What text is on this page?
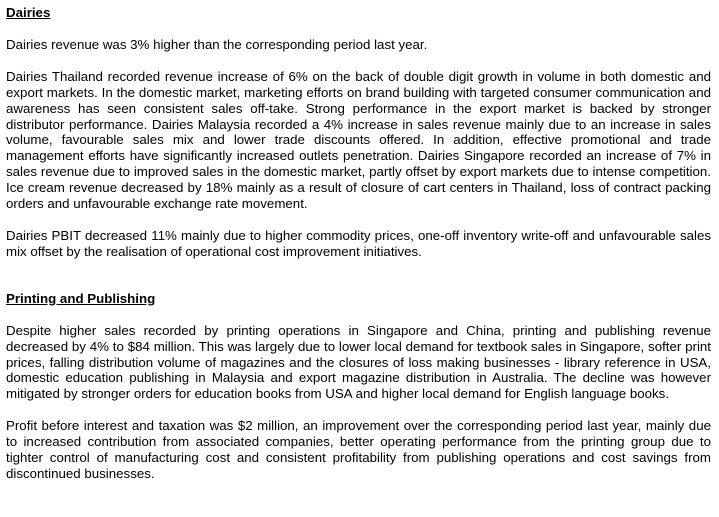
Dairies

Dairies revenue was 3% higher than the corresponding period last year.

Dairies Thailand recorded revenue increase of 6% on the back of double digit growth in volume in both domestic and export markets. In the domestic market, marketing efforts on brand building with targeted consumer communication and awareness has seen consistent sales off-take. Strong performance in the export market is backed by stronger distributor performance. Dairies Malaysia recorded a 4% increase in sales revenue mainly due to an increase in sales volume, favourable sales mix and lower trade discounts offered. In addition, effective promotional and trade management efforts have significantly increased outlets penetration. Dairies Singapore recorded an increase of 7% in sales revenue due to improved sales in the domestic market, partly offset by export markets due to intense competition. Ice cream revenue decreased by 18% mainly as a result of closure of cart centers in Thailand, loss of contract packing orders and unfavourable exchange rate movement.

Dairies PBIT decreased 11% mainly due to higher commodity prices, one-off inventory write-off and unfavourable sales mix offset by the realisation of operational cost improvement initiatives.

Printing and Publishing

Despite higher sales recorded by printing operations in Singapore and China, printing and publishing revenue decreased by 4% to $84 million. This was largely due to lower local demand for textbook sales in Singapore, softer print prices, falling distribution volume of magazines and the closures of loss making businesses - library reference in USA, domestic education publishing in Malaysia and export magazine distribution in Australia. The decline was however mitigated by stronger orders for education books from USA and higher local demand for English language books.

Profit before interest and taxation was $2 million, an improvement over the corresponding period last year, mainly due to increased contribution from associated companies, better operating performance from the printing group due to tighter control of manufacturing cost and consistent profitability from publishing operations and cost savings from discontinued businesses.
